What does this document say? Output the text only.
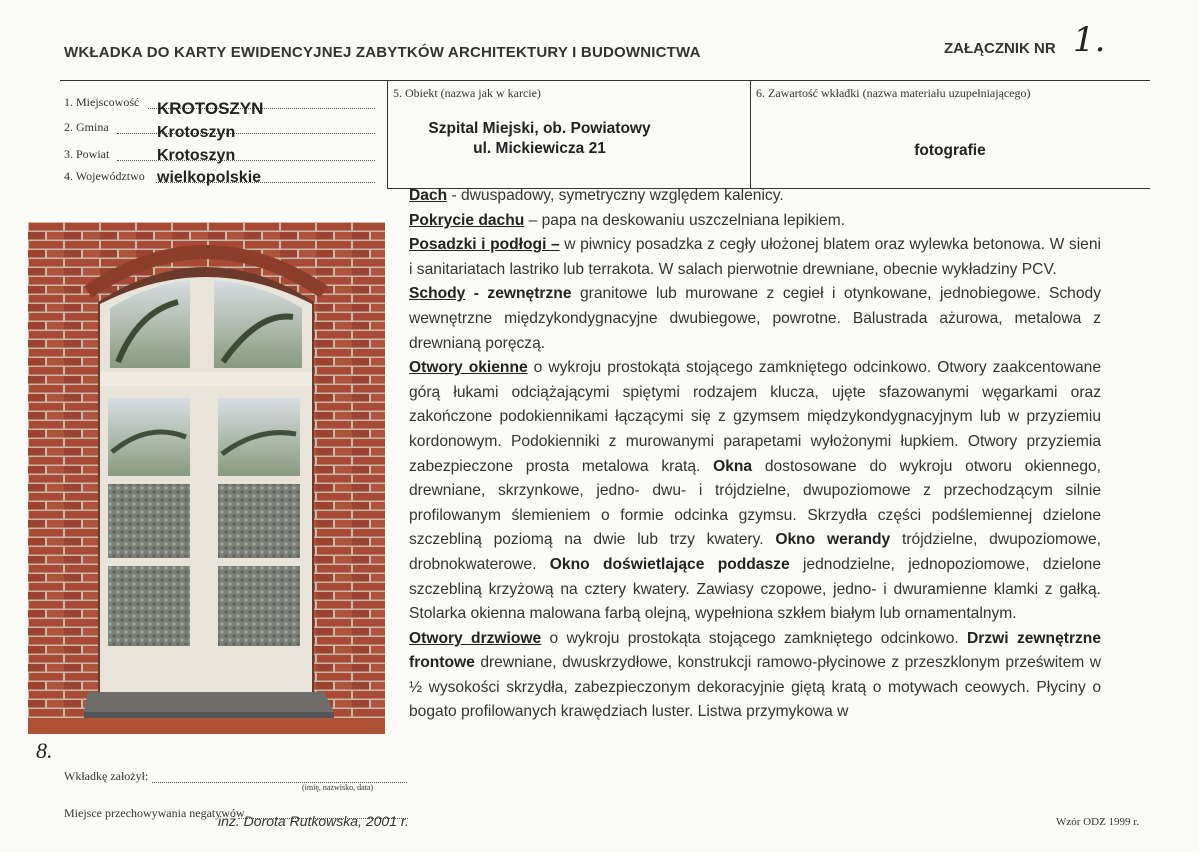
WKŁADKA DO KARTY EWIDENCYJNEJ ZABYTKÓW ARCHITEKTURY I BUDOWNICTWA	ZAŁĄCZNIK NR 1.
1. Miejscowość KROTOSZYN
2. Gmina	Krotoszyn
3. Powiat	Krotoszyn
4. Województwo wielkopolskie
5. Obiekt (nazwa jak w karcie)
Szpital Miejski, ob. Powiatowy
ul. Mickiewicza 21
6. Zawartość wkładki (nazwa materiału uzupełniającego)
fotografie
8.
Wkładkę założył:
(imię, nazwisko, data)
Miejsce przechowywania negatywów
inż. Dorota Rutkowska, 2001 r.	Wzór ODZ 1999 r.

Dach - dwuspadowy, symetryczny względem kalenicy.

Pokrycie dachu – papa na deskowaniu uszczelniana lepikiem.

Posadzki i podłogi – w piwnicy posadzka z cegły ułożonej blatem oraz wylewka betonowa. W sieni i sanitariatach lastriko lub terrakota. W salach pierwotnie drewniane, obecnie wykładziny PCV.

Schody - zewnętrzne granitowe lub murowane z cegieł i otynkowane, jednobiegowe. Schody wewnętrzne międzykondygnacyjne dwubiegowe, powrotne. Balustrada ażurowa, metalowa z drewnianą poręczą.

Otwory okienne o wykroju prostokąta stojącego zamkniętego odcinkowo. Otwory zaakcentowane górą łukami odciążającymi spiętymi rodzajem klucza, ujęte sfazowanymi węgarkami oraz zakończone podokiennikami łączącymi się z gzymsem międzykondygnacyjnym lub w przyziemiu kordonowym. Podokienniki z murowanymi parapetami wyłożonymi łupkiem. Otwory przyziemia zabezpieczone prosta metalowa kratą. Okna dostosowane do wykroju otworu okiennego, drewniane, skrzynkowe, jedno- dwu- i trójdzielne, dwupoziomowe z przechodzącym silnie profilowanym ślemieniem o formie odcinka gzymsu. Skrzydła części podślemiennej dzielone szczebliną poziomą na dwie lub trzy kwatery. Okno werandy trójdzielne, dwupoziomowe, drobnokwaterowe. Okno doświetlające poddasze jednodzielne, jednopoziomowe, dzielone szczebliną krzyżową na cztery kwatery. Zawiasy czopowe, jedno- i dwuramienne klamki z gałką. Stolarka okienna malowana farbą olejną, wypełniona szkłem białym lub ornamentalnym.

Otwory drzwiowe o wykroju prostokąta stojącego zamkniętego odcinkowo. Drzwi zewnętrzne frontowe drewniane, dwuskrzydłowe, konstrukcji ramowo-płycinowe z przeszklonym prześwitem w ½ wysokości skrzydła, zabezpieczonym dekoracyjnie giętą kratą o motywach ceowych. Płyciny o bogato profilowanych krawędziach luster. Listwa przymykowa w
